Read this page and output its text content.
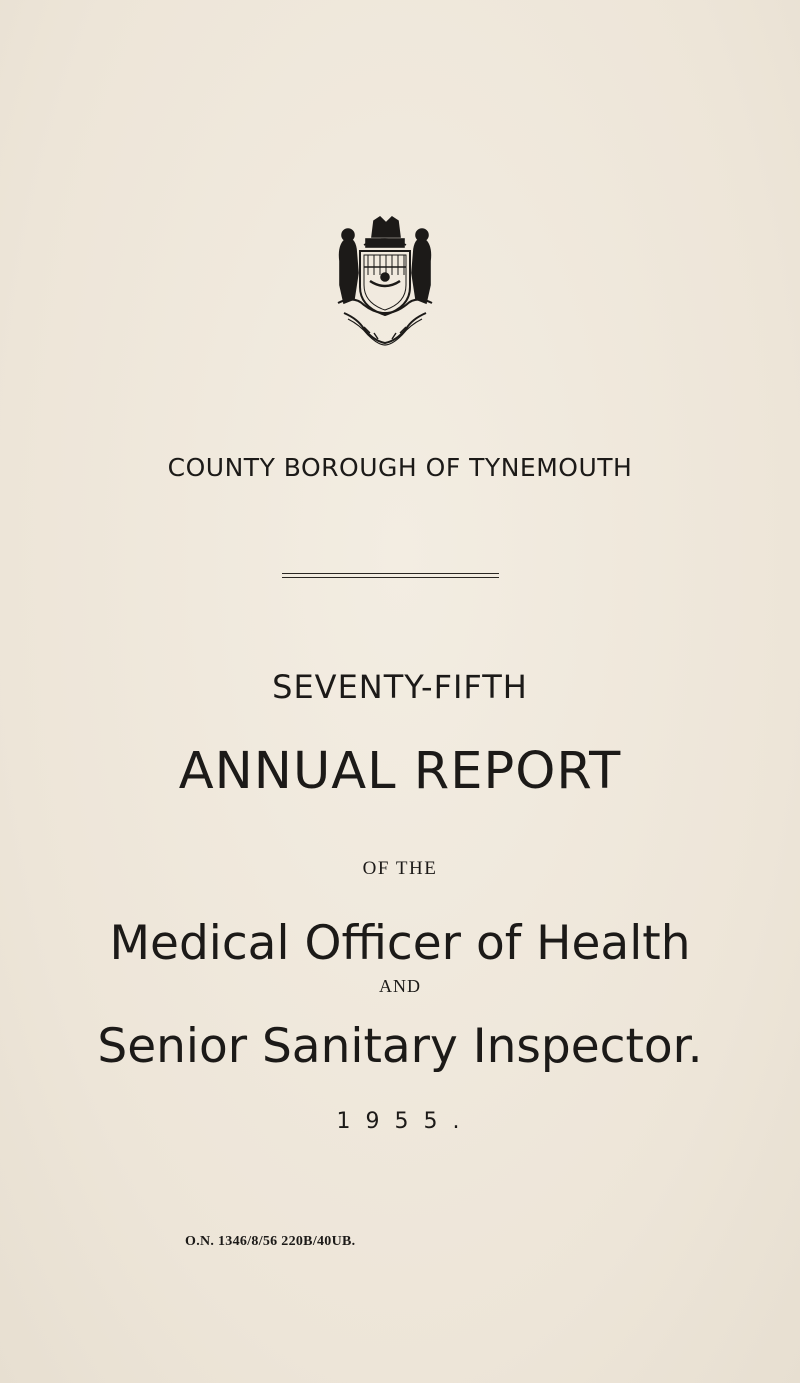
COUNTY BOROUGH OF TYNEMOUTH
SEVENTY-FIFTH
ANNUAL REPORT
OF THE
Medical Officer of Health
AND
Senior Sanitary Inspector.
1 9 5 5 .
O.N. 1346/8/56 220B/40UB.
